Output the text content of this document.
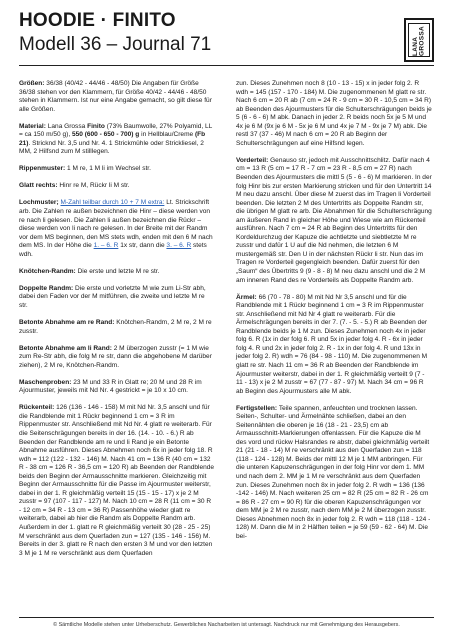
HOODIE · FINITO
Modell 36 – Journal 71	LANA GROSSA

Größen: 36/38 (40/42 - 44/46 - 48/50) Die Angaben für Größe 36/38 stehen vor den Klammern, für Größe 40/42 - 44/46 - 48/50 stehen in Klammern. Ist nur eine Angabe gemacht, so gilt diese für alle Größen.

Material: Lana Grossa Finito (73% Baumwolle, 27% Polyamid, LL = ca 150 m/50 g), 550 (600 - 650 - 700) g in Hellblau/Creme (Fb 21). Stricknd Nr. 3,5 und Nr. 4. 1 Strickmühle oder Strickliesel, 2 MM, 2 Hilfsnd zum M stilllegen.

Rippenmuster: 1 M re, 1 M li im Wechsel str.

Glatt rechts: Hinr re M, Rückr li M str.

Lochmuster; M-Zahl teilbar durch 10 + 7 M extra: Lt. Strickschrift arb. Die Zahlen re außen bezeichnen die Hinr – diese werden von re nach li gelesen. Die Zahlen li außen bezeichnen die Rückr – diese werden von li nach re gelesen. In der Breite mit der Randm vor dem MS beginnen, den MS stets wdh, enden mit den 6 M nach dem MS. In der Höhe die 1. – 6. R 1x str, dann die 3. – 6. R stets wdh.

Knötchen-Randm: Die erste und letzte M re str.

Doppelte Randm: Die erste und vorletzte M wie zum Li-Str abh, dabei den Faden vor der M mitführen, die zweite und letzte M re str.

Betonte Abnahme am re Rand: Knötchen-Randm, 2 M re, 2 M re zusstr.

Betonte Abnahme am li Rand: 2 M überzogen zusstr (= 1 M wie zum Re-Str abh, die folg M re str, dann die abgehobene M darüber ziehen), 2 M re, Knötchen-Randm.

Maschenproben: 23 M und 33 R in Glatt re; 20 M und 28 R im Ajourmuster, jeweils mit Nd Nr. 4 gestrickt = je 10 x 10 cm.

Rückenteil: 126 (136 - 146 - 158) M mit Nd Nr. 3,5 anschl und für die Randblende mit 1 Rückr beginnend 1 cm = 3 R im Rippenmuster str. Anschließend mit Nd Nr. 4 glatt re weiterarb. Für die Seitenschrägungen bereits in der 16. (14. - 10. - 6.) R ab Beenden der Randblende am re und li Rand je ein Betonte Abnahme ausführen. Dieses Abnehmen noch 6x in jeder folg 18. R wdh = 112 (122 - 132 - 146) M. Nach 41 cm = 136 R (40 cm = 132 R - 38 cm = 126 R - 36,5 cm = 120 R) ab Beenden der Randblende beids den Beginn der Armausschnitte markieren. Gleichzeitig mit Beginn der Armausschnitte für die Passe im Ajourmuster weiterstr, dabei in der 1. R gleichmäßig verteilt 15 (15 - 15 - 17) x je 2 M zusstr = 97 (107 - 117 - 127) M. Nach 10 cm = 28 R (11 cm = 30 R - 12 cm = 34 R - 13 cm = 36 R) Passenhöhe wieder glatt re weiterarb, dabei ab hier die Randm als Doppelte Randm arb. Außerdem in der 1. glatt re R gleichmäßig verteilt 30 (28 - 25 - 25) M verschränkt aus dem Querfaden zun = 127 (135 - 146 - 156) M. Bereits in der 3. glatt re R nach den ersten 3 M und vor den letzten 3 M je 1 M re verschränkt aus dem Querfaden

zun. Dieses Zunehmen noch 8 (10 - 13 - 15) x in jeder folg 2. R wdh = 145 (157 - 170 - 184) M. Die zugenommenen M glatt re str. Nach 6 cm = 20 R ab (7 cm = 24 R - 9 cm = 30 R - 10,5 cm = 34 R) ab Beenden des Ajourmusters für die Schulterschrägungen beids je 5 (6 - 6 - 6) M abk. Danach in jeder 2. R beids noch 5x je 5 M und 4x je 6 M (9x je 6 M - 5x je 6 M und 4x je 7 M - 9x je 7 M) abk. Die restl 37 (37 - 46) M nach 6 cm = 20 R ab Beginn der Schulterschrägungen auf eine Hilfsnd legen.

Vorderteil: Genauso str, jedoch mit Ausschnittschlitz. Dafür nach 4 cm = 13 R (5 cm = 17 R - 7 cm = 23 R - 8,5 cm = 27 R) nach Beenden des Ajourmusters die mittl 5 (5 - 6 - 6) M markieren. In der folg Hinr bis zur ersten Markierung stricken und für den Untertritt 14 M neu dazu anschl. Über diese M zuerst das im Tragen li Vorderteil beenden. Die letzten 2 M des Untertritts als Doppelte Randm str, die übrigen M glatt re arb. Die Abnahmen für die Schulterschrägung am äußeren Rand in gleicher Höhe und Wiese wie am Rückenteil ausführen. Nach 7 cm = 24 R ab Beginn des Untertritts für den Kordeldurchzug der Kapuze die achtletzte und siebtletzte M re zusstr und dafür 1 U auf die Nd nehmen, die letzten 6 M mustergemäß str. Den U in der nächsten Rückr li str. Nun das im Tragen re Vorderteil gegengleich beenden. Dafür zuerst für den „Saum“ des Übertritts 9 (9 - 8 - 8) M neu dazu anschl und die 2 M am inneren Rand des re Vorderteils als Doppelte Randm arb.

Ärmel: 66 (70 - 78 - 80) M mit Nd Nr 3,5 anschl und für die Randblende mit 1 Rückr beginnend 1 cm = 3 R im Rippenmuster str. Anschließend mit Nd Nr 4 glatt re weiterarb. Für die Ärmelschrägungen bereits in der 7. (7. - 5. - 5.) R ab Beenden der Randblende beids je 1 M zun. Dieses Zunehmen noch 4x in jeder folg 6. R (1x in der folg 6. R und 5x in jeder folg 4. R - 6x in jeder folg 4. R und 2x in jeder folg 2. R - 1x in der folg 4. R und 13x in jeder folg 2. R) wdh = 76 (84 - 98 - 110) M. Die zugenommenen M glatt re str. Nach 11 cm = 36 R ab Beenden der Randblende im Ajourmuster weiterstr, dabei in der 1. R gleichmäßig verteilt 9 (7 - 11 - 13) x je 2 M zusstr = 67 (77 - 87 - 97) M. Nach 34 cm = 96 R ab Beginn des Ajourmusters alle M abk.

Fertigstellen: Teile spannen, anfeuchten und trocknen lassen. Seiten-, Schulter- und Ärmelnähte schließen, dabei an den Seitennähten die oberen je 16 (18 - 21 - 23,5) cm ab Armausschnitt-Markierungen offenlassen. Für die Kapuze die M des vord und rückw Halsrandes re abstr, dabei gleichmäßig verteilt 21 (21 - 18 - 14) M re verschränkt aus den Querfaden zun = 118 (118 - 124 - 128) M. Beids der mittl 12 M je 1 MM anbringen. Für die unteren Kapuzenschrägungen in der folg Hinr vor dem 1. MM und nach dem 2. MM je 1 M re verschränkt aus dem Querfaden zun. Dieses Zunehmen noch 8x in jeder folg 2. R wdh = 136 (136 -142 - 146) M. Nach weiteren 25 cm = 82 R (25 cm = 82 R - 26 cm = 86 R - 27 cm = 90 R) für die oberen Kapuzenschrägungen vor dem MM je 2 M re zusstr, nach dem MM je 2 M überzogen zusstr. Dieses Abnehmen noch 8x in jeder folg 2. R wdh = 118 (118 - 124 - 128) M. Dann die M in 2 Hälften teilen = je 59 (59 - 62 - 64) M. Die bei-

© Sämtliche Modelle stehen unter Urheberschutz. Gewerbliches Nacharbeiten ist untersagt. Nachdruck nur mit Genehmigung des Herausgebers.
